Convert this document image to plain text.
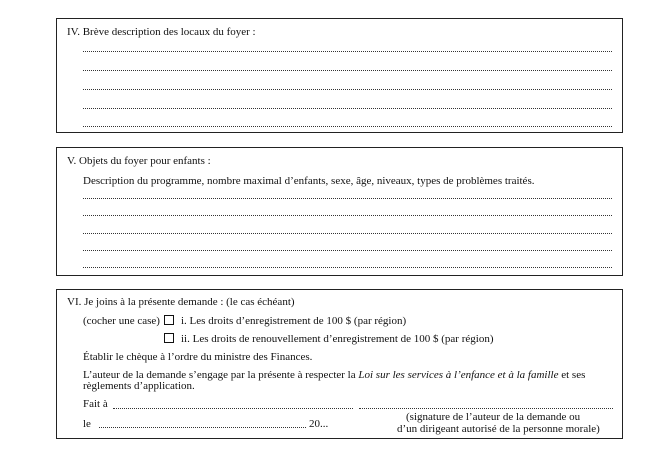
IV. Brève description des locaux du foyer :
V. Objets du foyer pour enfants :
Description du programme, nombre maximal d’enfants, sexe, âge, niveaux, types de problèmes traités.
VI. Je joins à la présente demande : (le cas échéant)
(cocher une case) i. Les droits d’enregistrement de 100 $ (par région)
ii. Les droits de renouvellement d’enregistrement de 100 $ (par région)
Établir le chèque à l’ordre du ministre des Finances.
L’auteur de la demande s’engage par la présente à respecter la Loi sur les services à l’enfance et à la famille et ses
règlements d’application.
Fait à
le	20...
(signature de l’auteur de la demande ou
d’un dirigeant autorisé de la personne morale)
